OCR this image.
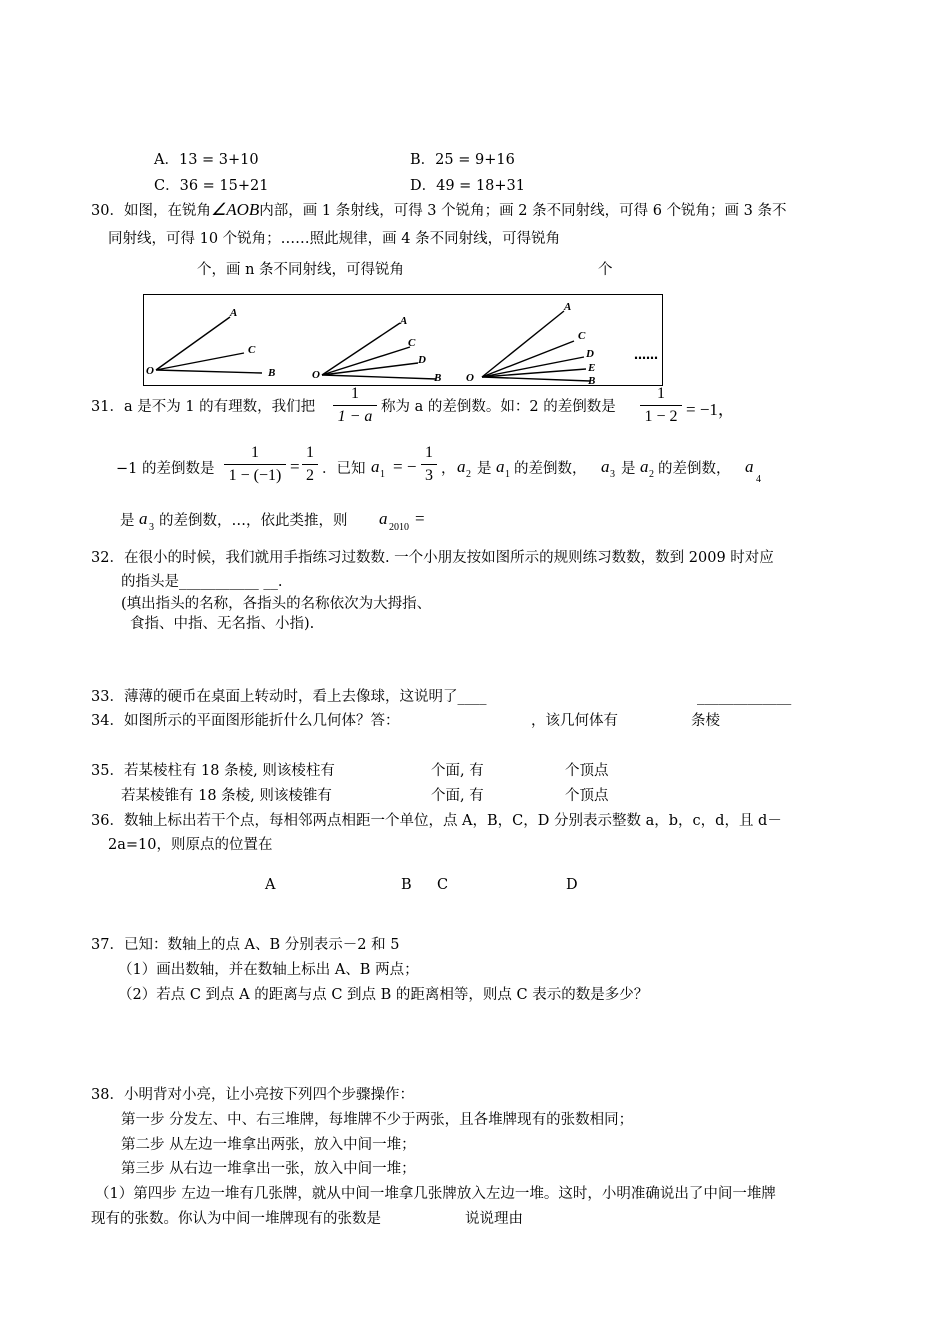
A．13 = 3+10	B．25 = 9+16
C．36 = 15+21	D．49 = 18+31
30．如图，在锐角∠AOB内部，画 1 条射线，可得 3 个锐角；画 2 条不同射线，可得 6 个锐角；画 3 条不
同射线，可得 10 个锐角；……照此规律，画 4 条不同射线，可得锐角
个，画 n 条不同射线，可得锐角	个
O
A
C
B	O
A
C
D
B O
A
C
D
E
B
……
31．a 是不为 1 的有理数，我们把
1
1 − a
称为 a 的差倒数。如：2 的差倒数是
1
1 − 2 = −1，
−1 的差倒数是
1
1 − (−1) =
1
2 ．已知 a 1 = −
1
3 ， a 2 是 a 1 的差倒数， a 3 是 a 2 的差倒数， a
4
是 a 3 的差倒数，…，依此类推，则 a 2010 =
32．在很小的时候，我们就用手指练习过数数. 一个小朋友按如图所示的规则练习数数，数到 2009 时对应
的指头是___________ __.
(填出指头的名称，各指头的名称依次为大拇指、
食指、中指、无名指、小指).
33．薄薄的硬币在桌面上转动时，看上去像球，这说明了____	_____________
34．如图所示的平面图形能折什么几何体？答：	，该几何体有	条棱
35．若某棱柱有 18 条棱, 则该棱柱有	个面, 有	个顶点
若某棱锥有 18 条棱, 则该棱锥有	个面, 有	个顶点
36．数轴上标出若干个点，每相邻两点相距一个单位，点 A，B，C，D 分别表示整数 a，b，c，d，且 d－
2a=10，则原点的位置在
A	B C	D
37．已知：数轴上的点 A、B 分别表示－2 和 5
（1）画出数轴，并在数轴上标出 A、B 两点；
（2）若点 C 到点 A 的距离与点 C 到点 B 的距离相等，则点 C 表示的数是多少？
38．小明背对小亮，让小亮按下列四个步骤操作：
第一步 分发左、中、右三堆牌，每堆牌不少于两张，且各堆牌现有的张数相同；
第二步 从左边一堆拿出两张，放入中间一堆；
第三步 从右边一堆拿出一张，放入中间一堆；
（1）第四步 左边一堆有几张牌，就从中间一堆拿几张牌放入左边一堆。这时，小明准确说出了中间一堆牌
现有的张数。你认为中间一堆牌现有的张数是	说说理由
